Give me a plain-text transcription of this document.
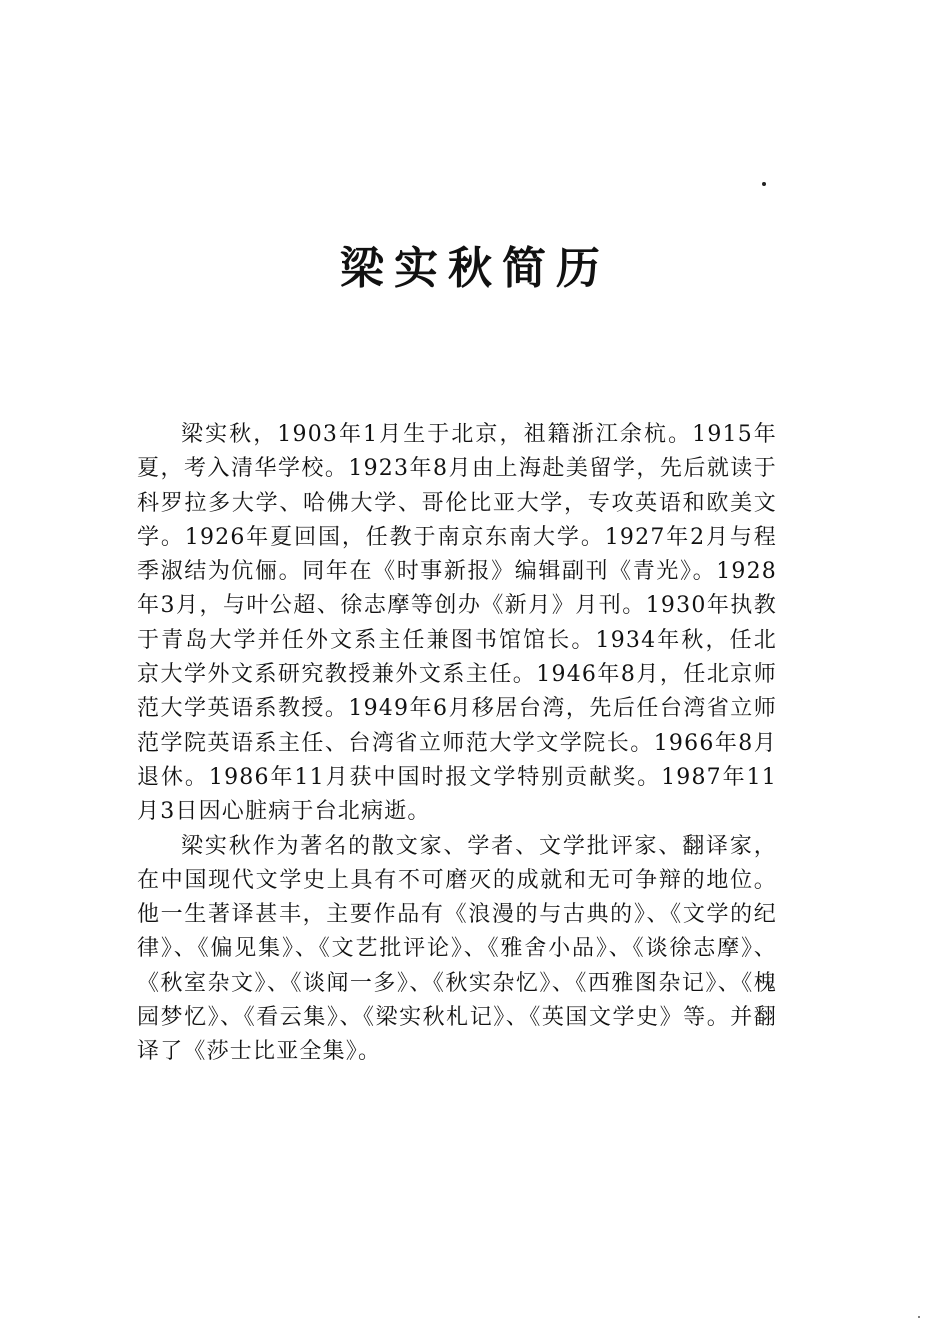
梁实秋简历

梁实秋，1903年1月生于北京，祖籍浙江余杭。1915年夏，考入清华学校。1923年8月由上海赴美留学，先后就读于科罗拉多大学、哈佛大学、哥伦比亚大学，专攻英语和欧美文学。1926年夏回国，任教于南京东南大学。1927年2月与程季淑结为伉俪。同年在《时事新报》编辑副刊《青光》。1928年3月，与叶公超、徐志摩等创办《新月》月刊。1930年执教于青岛大学并任外文系主任兼图书馆馆长。1934年秋，任北京大学外文系研究教授兼外文系主任。1946年8月，任北京师范大学英语系教授。1949年6月移居台湾，先后任台湾省立师范学院英语系主任、台湾省立师范大学文学院长。1966年8月退休。1986年11月获中国时报文学特别贡献奖。1987年11月3日因心脏病于台北病逝。

梁实秋作为著名的散文家、学者、文学批评家、翻译家，在中国现代文学史上具有不可磨灭的成就和无可争辩的地位。他一生著译甚丰，主要作品有《浪漫的与古典的》、《文学的纪律》、《偏见集》、《文艺批评论》、《雅舍小品》、《谈徐志摩》、《秋室杂文》、《谈闻一多》、《秋实杂忆》、《西雅图杂记》、《槐园梦忆》、《看云集》、《梁实秋札记》、《英国文学史》等。并翻译了《莎士比亚全集》。
